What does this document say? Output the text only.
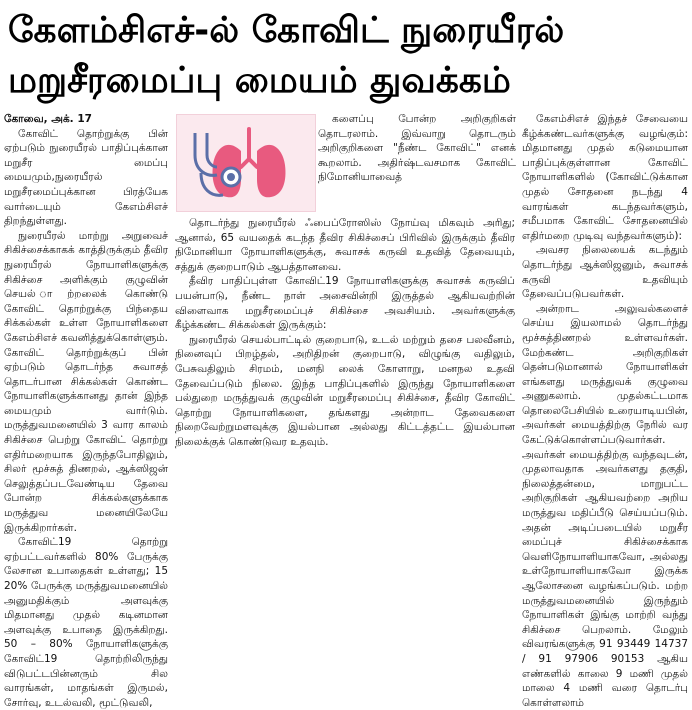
கேளம்சிஎச்-ல் கோவிட் நுரையீரல்
மறுசீரமைப்பு மையம் துவக்கம்

கோவை, அக். 17

கோவிட் தொற்றுக்கு பின் ஏற்படும் நுரையீரல் பாதிப்புக்கான மறுசீர மைப்பு மையமும்,நுரையீரல் மறுசீரமைப்புக்கான பிரத்யேக வார்டையும் கேஎம்சிஎச் திறந்துள்ளது.

நுரையீரல் மாற்று அறுவைச் சிகிச்சைக்காகக் காத்திருக்கும் தீவிர நுரையீரல் நோயாளிகளுக்கு சிகிச்சை அளிக்கும் குழுவின் செயல் ாற்றலைக் கொண்டு கோவிட் தொற்றுக்கு பிந்தைய சிக்கல்கள் உள்ள நோயாளிகளை கேஎம்சிஎச் கவனித்துக்கொள்ளும். கோவிட் தொற்றுக்குப் பின் ஏற்படும் தொடர்ந்த சுவாசத் தொடர்பான சிக்கல்கள் கொண்ட நோயாளிகளுக்கானது தான் இந்த மையமும் வார்டும். மருத்துவமனையில் 3 வார காலம் சிகிச்சை பெற்று கோவிட் தொற்று எதிர்மறையாக இருந்தபோதிலும், சிலர் மூச்சுத் திணறல், ஆக்ஸிஜன் செலுத்தப்படவேண்டிய தேவை போன்ற சிக்கல்களுக்காக மருத்துவ மனையிலேயே இருக்கிறார்கள்.

கோவிட்19 தொற்று ஏற்பட்டவர்களில் 80% பேருக்கு லேசான உபாதைகள் உள்ளது; 15 20% பேருக்கு மருத்துவமனையில் அனுமதிக்கும் அளவுக்கு மிதமானது முதல் கடினமான அளவுக்கு உபாதை இருக்கிறது. 50 – 80% நோயாளிகளுக்கு கோவிட்19 தொற்றிலிருந்து விடுபட்டபின்னரும் சில வாரங்கள், மாதங்கள் இருமல், சோர்வு, உடல்வலி, மூட்டுவலி,

களைப்பு போன்ற அறிகுறிகள் தொடரலாம். இவ்வாறு தொடரும் அறிகுறிகளை "நீண்ட கோவிட்" எனக் கூறலாம். அதிர்ஷ்டவசமாக கோவிட் நிமோனியாவைத்

தொடர்ந்து நுரையீரல் ஃபைப்ரோஸிஸ் நோய்வு மிகவும் அரிது; ஆனால், 65 வயதைக் கடந்த தீவிர சிகிச்சைப் பிரிவில் இருக்கும் தீவிர நிமோனியா நோயாளிகளுக்கு, சுவாசக் கருவி உதவித் தேவையும், சத்துக் குறைபாடும் ஆபத்தானவை.

தீவிர பாதிப்புள்ள கோவிட்19 நோயாளிகளுக்கு சுவாசக் கருவிப் பயன்பாடு, நீண்ட நாள் அசைவின்றி இருத்தல் ஆகியவற்றின் விளைவாக மறுசீரமைப்புச் சிகிச்சை அவசியம். அவர்களுக்கு கீழ்க்கண்ட சிக்கல்கள் இருக்கும்:

நுரையீரல் செயல்பாட்டில் குறைபாடு, உடல் மற்றும் தசை பலவீனம், நினைவுப் பிறழ்தல், அறிதிறன் குறைபாடு, விழுங்கு வதிலும், பேசுவதிலும் சிரமம், மனநி லைக் கோளாறு, மனநல உதவி தேவைப்படும் நிலை. இந்த பாதிப்புகளில் இருந்து நோயாளிகளை பல்துறை மருத்துவக் குழுவின் மறுசீரமைப்பு சிகிச்சை, தீவிர கோவிட் தொற்று நோயாளிகளை, தங்களது அன்றாட தேவைகளை நிறைவேற்றுமளவுக்கு இயல்பான அல்லது கிட்டத்தட்ட இயல்பான நிலைக்குக் கொண்டுவர உதவும்.

கேஎம்சிஎச் இந்தச் சேவையை கீழ்க்கண்டவர்களுக்கு வழங்கும்: மிதமானது முதல் கடுமையான பாதிப்புக்குள்ளான கோவிட் நோயாளிகளில் (கோவிட்டுக்கான முதல் சோதனை நடந்து 4 வாரங்கள் கடந்தவர்களும், சமீபமாக கோவிட் சோதனையில் எதிர்மறை முடிவு வந்தவர்களும்):

அவசர நிலையைக் கடந்தும் தொடர்ந்து ஆக்ஸிஜனும், சுவாசக் கருவி உதவியும் தேவைப்படுபவர்கள்.

அன்றாட அலுவல்களைச் செய்ய இயலாமல் தொடர்ந்து மூச்சுத்திணறல் உள்ளவர்கள். மேற்கண்ட அறிகுறிகள் தென்படுமானால் நோயாளிகள் எங்களது மருத்துவக் குழுவை அணுகலாம். முதல்கட்டமாக தொலைபேசியில் உரையாடியபின், அவர்கள் மையத்திற்கு நேரில் வர கேட்டுக்கொள்ளப்படுவார்கள். அவர்கள் மையத்திற்கு வந்தவுடன், முதலாவதாக அவர்களது தகுதி, நிலைத்தன்மை, மாறுபட்ட அறிகுறிகள் ஆகியவற்றை அறிய மருத்துவ மதிப்பீடு செய்யப்படும். அதன் அடிப்படையில் மறுசீர மைப்புச் சிகிச்சைக்காக வெளிநோயாளியாகவோ, அல்லது உள்நோயாளியாகவோ இருக்க ஆலோசனை வழங்கப்படும். மற்ற மருத்துவமனையில் இருந்தும் நோயாளிகள் இங்கு மாற்றி வந்து சிகிச்சை பெறலாம். மேலும் விவரங்களுக்கு 91 93449 14737 / 91 97906 90153 ஆகிய எண்களில் காலை 9 மணி முதல் மாலை 4 மணி வரை தொடர்பு கொள்ளலாம்
